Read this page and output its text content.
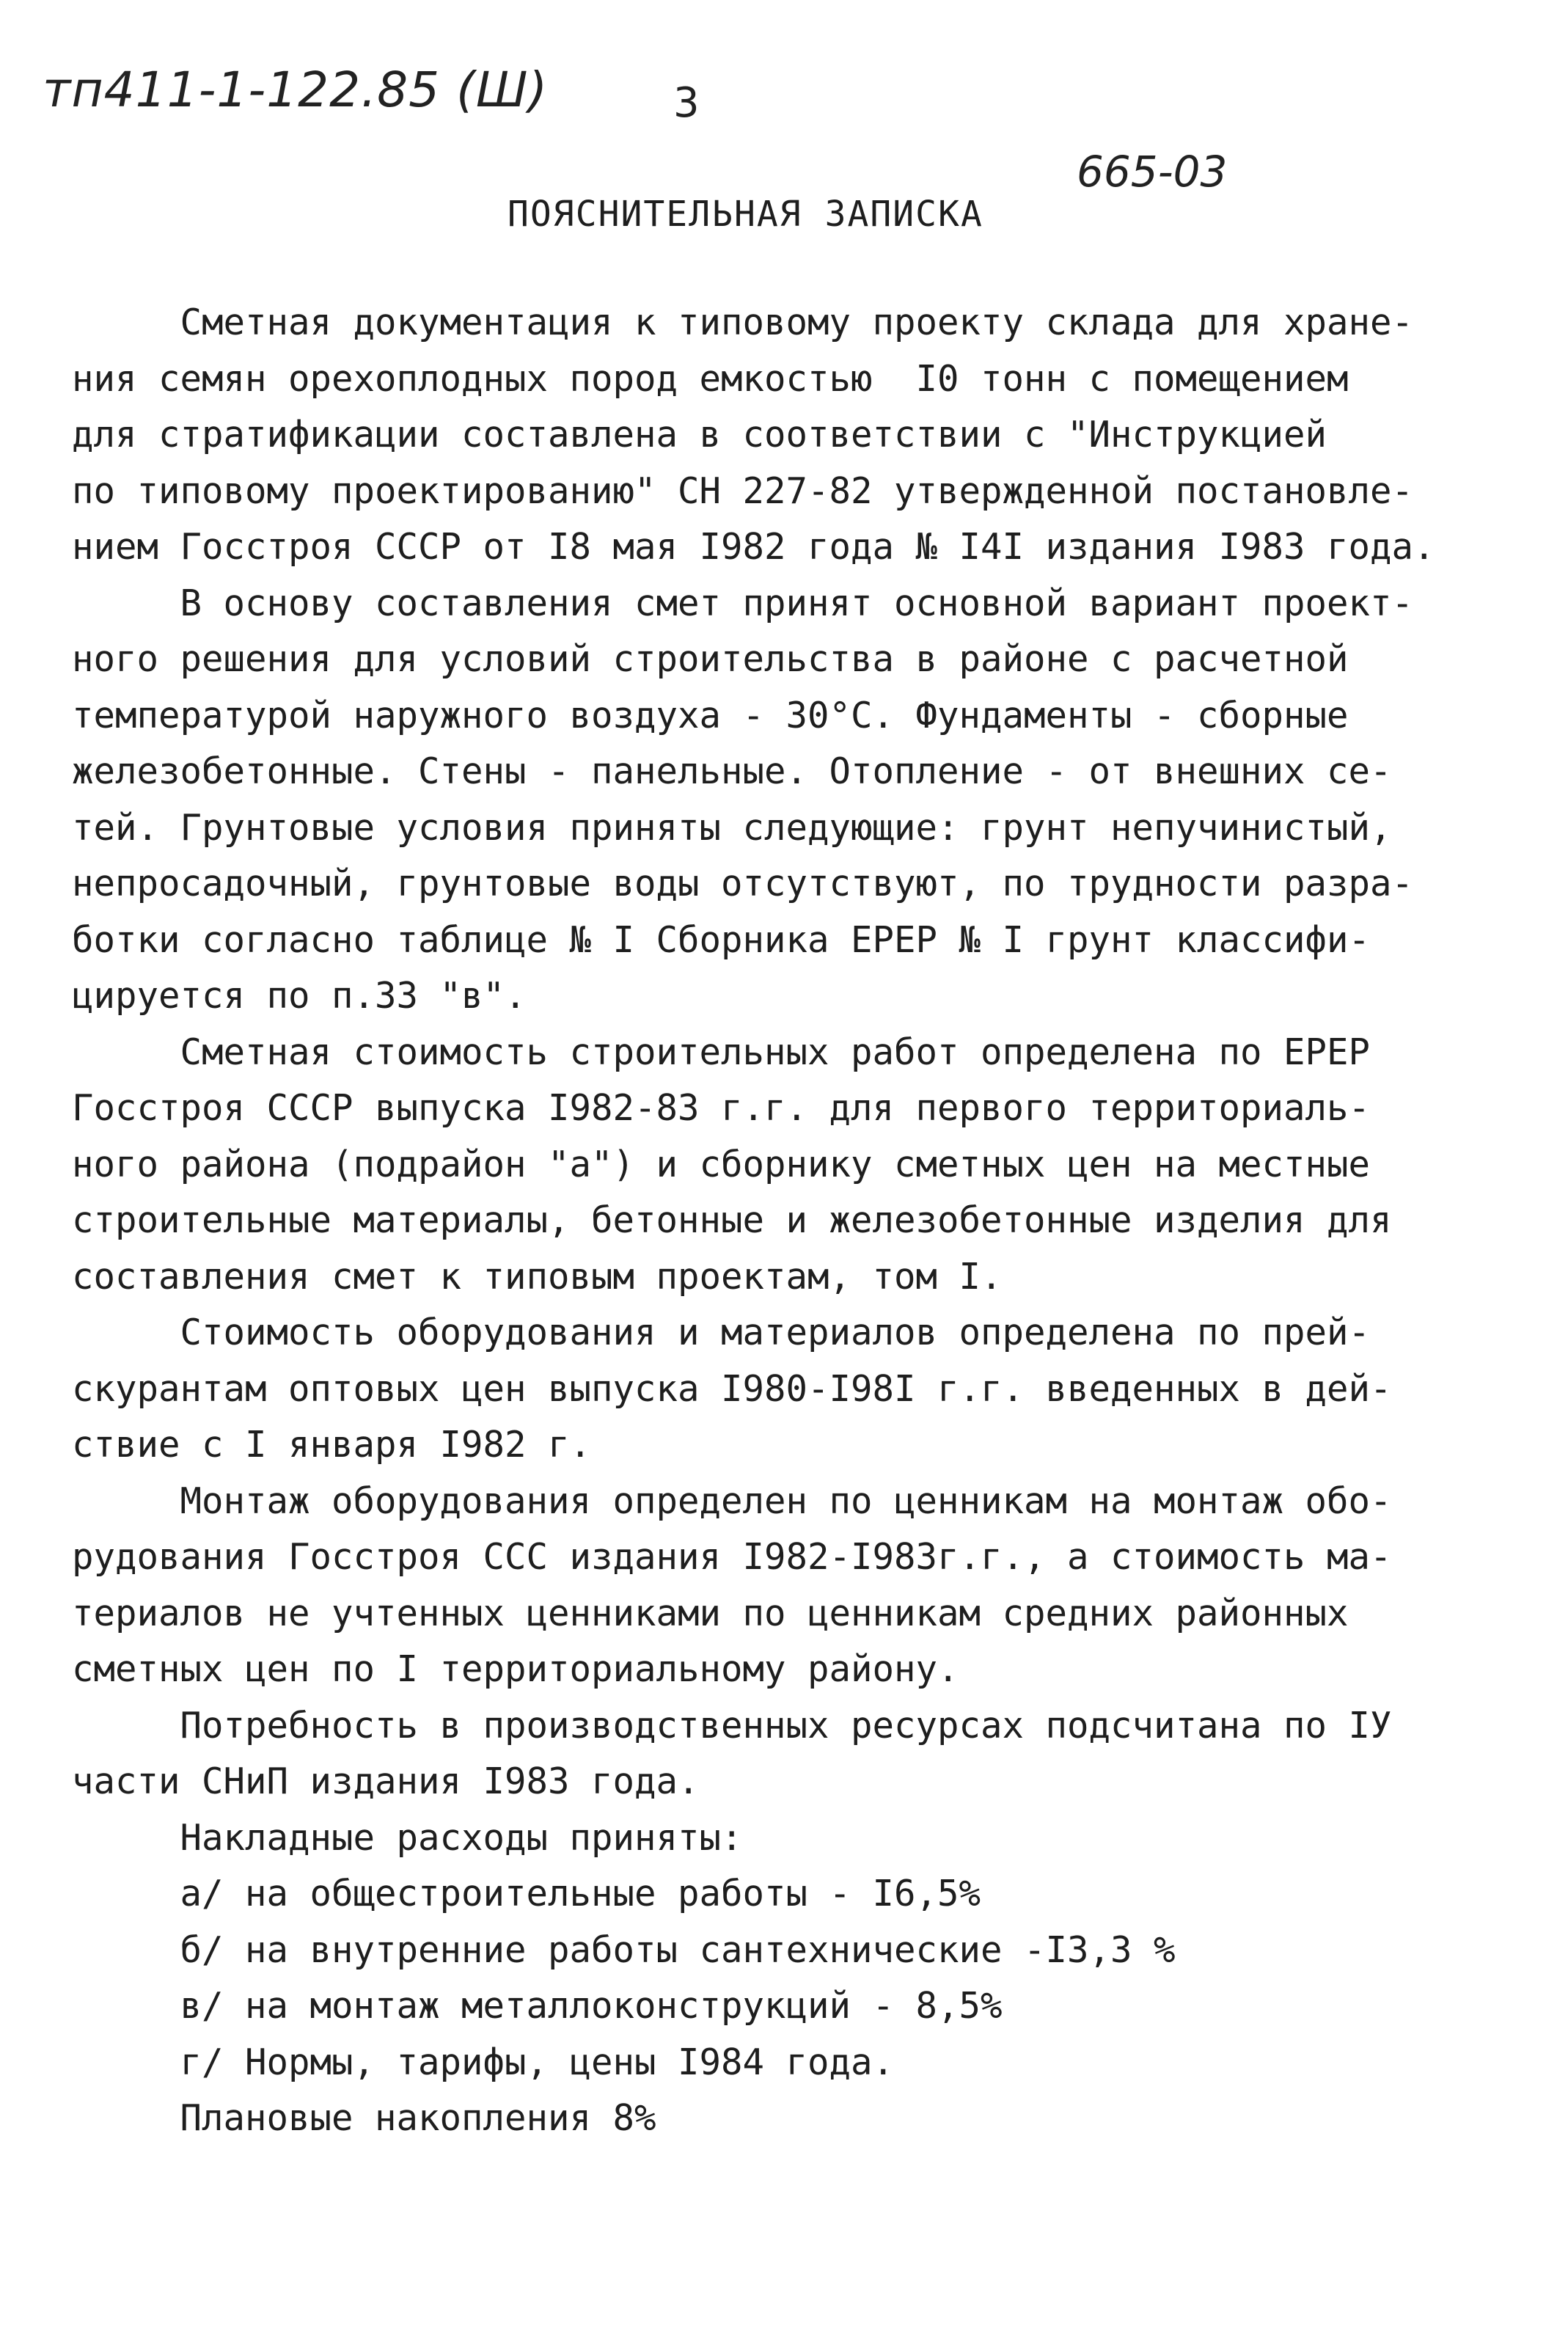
тп411-1-122.85 (Ш)	3
665-03
ПОЯСНИТЕЛЬНАЯ ЗАПИСКА
Сметная документация к типовому проекту склада для хране-
ния семян орехоплодных пород емкостью  I0 тонн с помещением
для стратификации составлена в соответствии с "Инструкцией
по типовому проектированию" СН 227-82 утвержденной постановле-
нием Госстроя СССР от I8 мая I982 года № I4I издания I983 года.
В основу составления смет принят основной вариант проект-
ного решения для условий строительства в районе с расчетной
температурой наружного воздуха - 30°С. Фундаменты - сборные
железобетонные. Стены - панельные. Отопление - от внешних се-
тей. Грунтовые условия приняты следующие: грунт непучинистый,
непросадочный, грунтовые воды отсутствуют, по трудности разра-
ботки согласно таблице № I Сборника ЕРЕР № I грунт классифи-
цируется по п.33 "в".
Сметная стоимость строительных работ определена по ЕРЕР
Госстроя СССР выпуска I982-83 г.г. для первого территориаль-
ного района (подрайон "а") и сборнику сметных цен на местные
строительные материалы, бетонные и железобетонные изделия для
составления смет к типовым проектам, том I.
Стоимость оборудования и материалов определена по прей-
скурантам оптовых цен выпуска I980-I98I г.г. введенных в дей-
ствие с I января I982 г.
Монтаж оборудования определен по ценникам на монтаж обо-
рудования Госстроя ССС издания I982-I983г.г., а стоимость ма-
териалов не учтенных ценниками по ценникам средних районных
сметных цен по I территориальному району.
Потребность в производственных ресурсах подсчитана по IУ
части СНиП издания I983 года.
Накладные расходы приняты:
а/ на общестроительные работы - I6,5%
б/ на внутренние работы сантехнические -I3,3 %
в/ на монтаж металлоконструкций - 8,5%
г/ Нормы, тарифы, цены I984 года.
Плановые накопления 8%
